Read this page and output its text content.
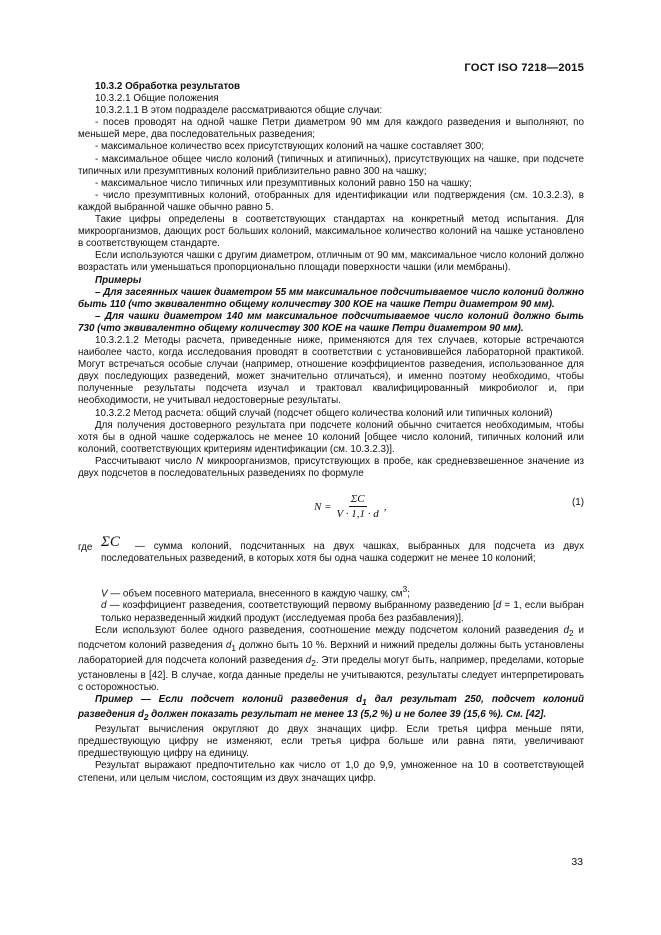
ГОСТ ISO 7218—2015

10.3.2 Обработка результатов

10.3.2.1 Общие положения

10.3.2.1.1 В этом подразделе рассматриваются общие случаи:

- посев проводят на одной чашке Петри диаметром 90 мм для каждого разведения и выполняют, по меньшей мере, два последовательных разведения;

- максимальное количество всех присутствующих колоний на чашке составляет 300;

- максимальное общее число колоний (типичных и атипичных), присутствующих на чашке, при подсчете типичных или презумптивных колоний приблизительно равно 300 на чашку;

- максимальное число типичных или презумптивных колоний равно 150 на чашку;

- число презумптивных колоний, отобранных для идентификации или подтверждения (см. 10.3.2.3), в каждой выбранной чашке обычно равно 5.

Такие цифры определены в соответствующих стандартах на конкретный метод испытания. Для микроорганизмов, дающих рост больших колоний, максимальное количество колоний на чашке установлено в соответствующем стандарте.

Если используются чашки с другим диаметром, отличным от 90 мм, максимальное число колоний должно возрастать или уменьшаться пропорционально площади поверхности чашки (или мембраны).

Примеры

– Для засеянных чашек диаметром 55 мм максимальное подсчитываемое число колоний должно быть 110 (что эквивалентно общему количеству 300 КОЕ на чашке Петри диаметром 90 мм).

– Для чашки диаметром 140 мм максимальное подсчитываемое число колоний должно быть 730 (что эквивалентно общему количеству 300 КОЕ на чашке Петри диаметром 90 мм).

10.3.2.1.2 Методы расчета, приведенные ниже, применяются для тех случаев, которые встречаются наиболее часто, когда исследования проводят в соответствии с установившейся лабораторной практикой. Могут встречаться особые случаи (например, отношение коэффициентов разведения, использованное для двух последующих разведений, может значительно отличаться), и именно поэтому необходимо, чтобы полученные результаты подсчета изучал и трактовал квалифицированный микробиолог и, при необходимости, не учитывал недостоверные результаты.

10.3.2.2 Метод расчета: общий случай (подсчет общего количества колоний или типичных колоний)

Для получения достоверного результата при подсчете колоний обычно считается необходимым, чтобы хотя бы в одной чашке содержалось не менее 10 колоний [общее число колоний, типичных колоний или колоний, соответствующих критериям идентификации (см. 10.3.2.3)].

Рассчитывают число N микроорганизмов, присутствующих в пробе, как средневзвешенное значение из двух подсчетов в последовательных разведениях по формуле

$N = \frac{\Sigma C}{V \cdot 1,1 \cdot d}$ ,	(1)
где ΣC	— сумма колоний, подсчитанных на двух чашках, выбранных для подсчета из двух последовательных разведений, в которых хотя бы одна чашка содержит не менее 10 колоний;

V — объем посевного материала, внесенного в каждую чашку, $см^3$;

d — коэффициент разведения, соответствующий первому выбранному разведению [d = 1, если выбран только неразведенный жидкий продукт (исследуемая проба без разбавления)].

Если используют более одного разведения, соотношение между подсчетом колоний разведения $d_2$ и подсчетом колоний разведения $d_1$ должно быть 10 %. Верхний и нижний пределы должны быть установлены лабораторией для подсчета колоний разведения $d_2$. Эти пределы могут быть, например, пределами, которые установлены в [42]. В случае, когда данные пределы не учитываются, результаты следует интерпретировать с осторожностью.

Пример — Если подсчет колоний разведения $d_1$ дал результат 250, подсчет колоний разведения $d_2$ должен показать результат не менее 13 (5,2 %) и не более 39 (15,6 %). См. [42].

Результат вычисления округляют до двух значащих цифр. Если третья цифра меньше пяти, предшествующую цифру не изменяют, если третья цифра больше или равна пяти, увеличивают предшествующую цифру на единицу.

Результат выражают предпочтительно как число от 1,0 до 9,9, умноженное на 10 в соответствующей степени, или целым числом, состоящим из двух значащих цифр.

33
